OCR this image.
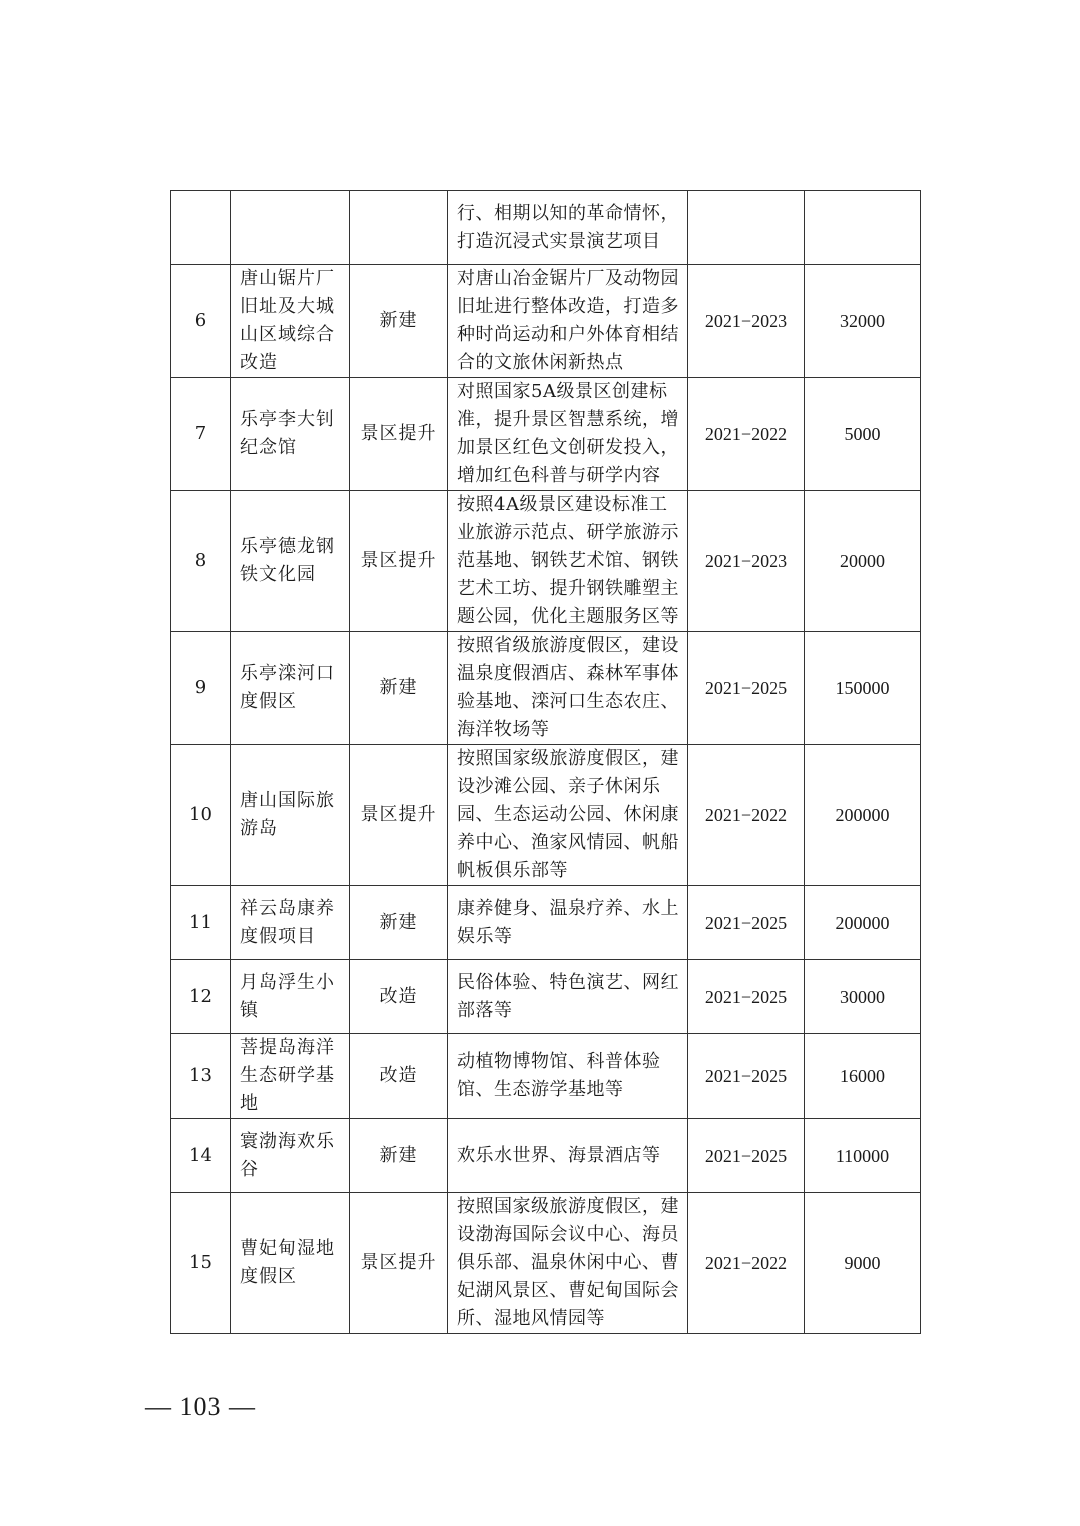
			行、相期以知的革命情怀，打造沉浸式实景演艺项目		
6	唐山锯片厂旧址及大城山区域综合改造	新建	对唐山冶金锯片厂及动物园旧址进行整体改造，打造多种时尚运动和户外体育相结合的文旅休闲新热点	2021−2023	32000
7	乐亭李大钊纪念馆	景区提升	对照国家5A级景区创建标准，提升景区智慧系统，增加景区红色文创研发投入，增加红色科普与研学内容	2021−2022	5000
8	乐亭德龙钢铁文化园	景区提升	按照4A级景区建设标准工业旅游示范点、研学旅游示范基地、钢铁艺术馆、钢铁艺术工坊、提升钢铁雕塑主题公园，优化主题服务区等	2021−2023	20000
9	乐亭滦河口度假区	新建	按照省级旅游度假区，建设温泉度假酒店、森林军事体验基地、滦河口生态农庄、海洋牧场等	2021−2025	150000
10	唐山国际旅游岛	景区提升	按照国家级旅游度假区，建设沙滩公园、亲子休闲乐园、生态运动公园、休闲康养中心、渔家风情园、帆船帆板俱乐部等	2021−2022	200000
11	祥云岛康养度假项目	新建	康养健身、温泉疗养、水上娱乐等	2021−2025	200000
12	月岛浮生小镇	改造	民俗体验、特色演艺、网红部落等	2021−2025	30000
13	菩提岛海洋生态研学基地	改造	动植物博物馆、科普体验馆、生态游学基地等	2021−2025	16000
14	寰渤海欢乐谷	新建	欢乐水世界、海景酒店等	2021−2025	110000
15	曹妃甸湿地度假区	景区提升	按照国家级旅游度假区，建设渤海国际会议中心、海员俱乐部、温泉休闲中心、曹妃湖风景区、曹妃甸国际会所、湿地风情园等	2021−2022	9000
— 103 —
